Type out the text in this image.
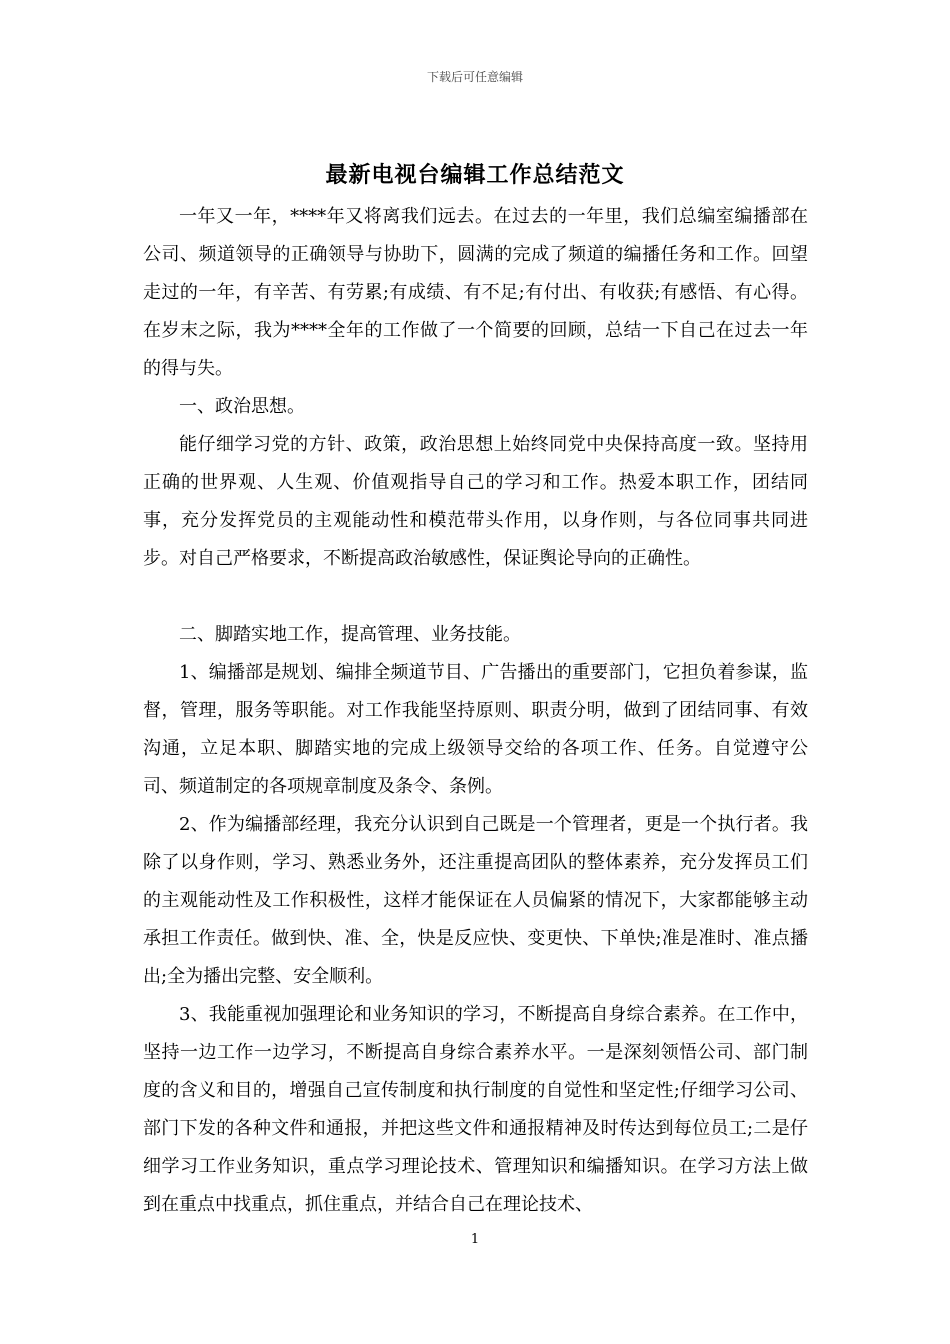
下载后可任意编辑
最新电视台编辑工作总结范文

一年又一年，****年又将离我们远去。在过去的一年里，我们总编室编播部在公司、频道领导的正确领导与协助下，圆满的完成了频道的编播任务和工作。回望走过的一年，有辛苦、有劳累;有成绩、有不足;有付出、有收获;有感悟、有心得。在岁末之际，我为****全年的工作做了一个简要的回顾，总结一下自己在过去一年的得与失。

一、政治思想。

能仔细学习党的方针、政策，政治思想上始终同党中央保持高度一致。坚持用正确的世界观、人生观、价值观指导自己的学习和工作。热爱本职工作，团结同事，充分发挥党员的主观能动性和模范带头作用，以身作则，与各位同事共同进步。对自己严格要求，不断提高政治敏感性，保证舆论导向的正确性。

二、脚踏实地工作，提高管理、业务技能。

1、编播部是规划、编排全频道节目、广告播出的重要部门，它担负着参谋，监督，管理，服务等职能。对工作我能坚持原则、职责分明，做到了团结同事、有效沟通，立足本职、脚踏实地的完成上级领导交给的各项工作、任务。自觉遵守公司、频道制定的各项规章制度及条令、条例。

2、作为编播部经理，我充分认识到自己既是一个管理者，更是一个执行者。我除了以身作则，学习、熟悉业务外，还注重提高团队的整体素养，充分发挥员工们的主观能动性及工作积极性，这样才能保证在人员偏紧的情况下，大家都能够主动承担工作责任。做到快、准、全，快是反应快、变更快、下单快;准是准时、准点播出;全为播出完整、安全顺利。

3、我能重视加强理论和业务知识的学习，不断提高自身综合素养。在工作中，坚持一边工作一边学习，不断提高自身综合素养水平。一是深刻领悟公司、部门制度的含义和目的，增强自己宣传制度和执行制度的自觉性和坚定性;仔细学习公司、部门下发的各种文件和通报，并把这些文件和通报精神及时传达到每位员工;二是仔细学习工作业务知识，重点学习理论技术、管理知识和编播知识。在学习方法上做到在重点中找重点，抓住重点，并结合自己在理论技术、

1
